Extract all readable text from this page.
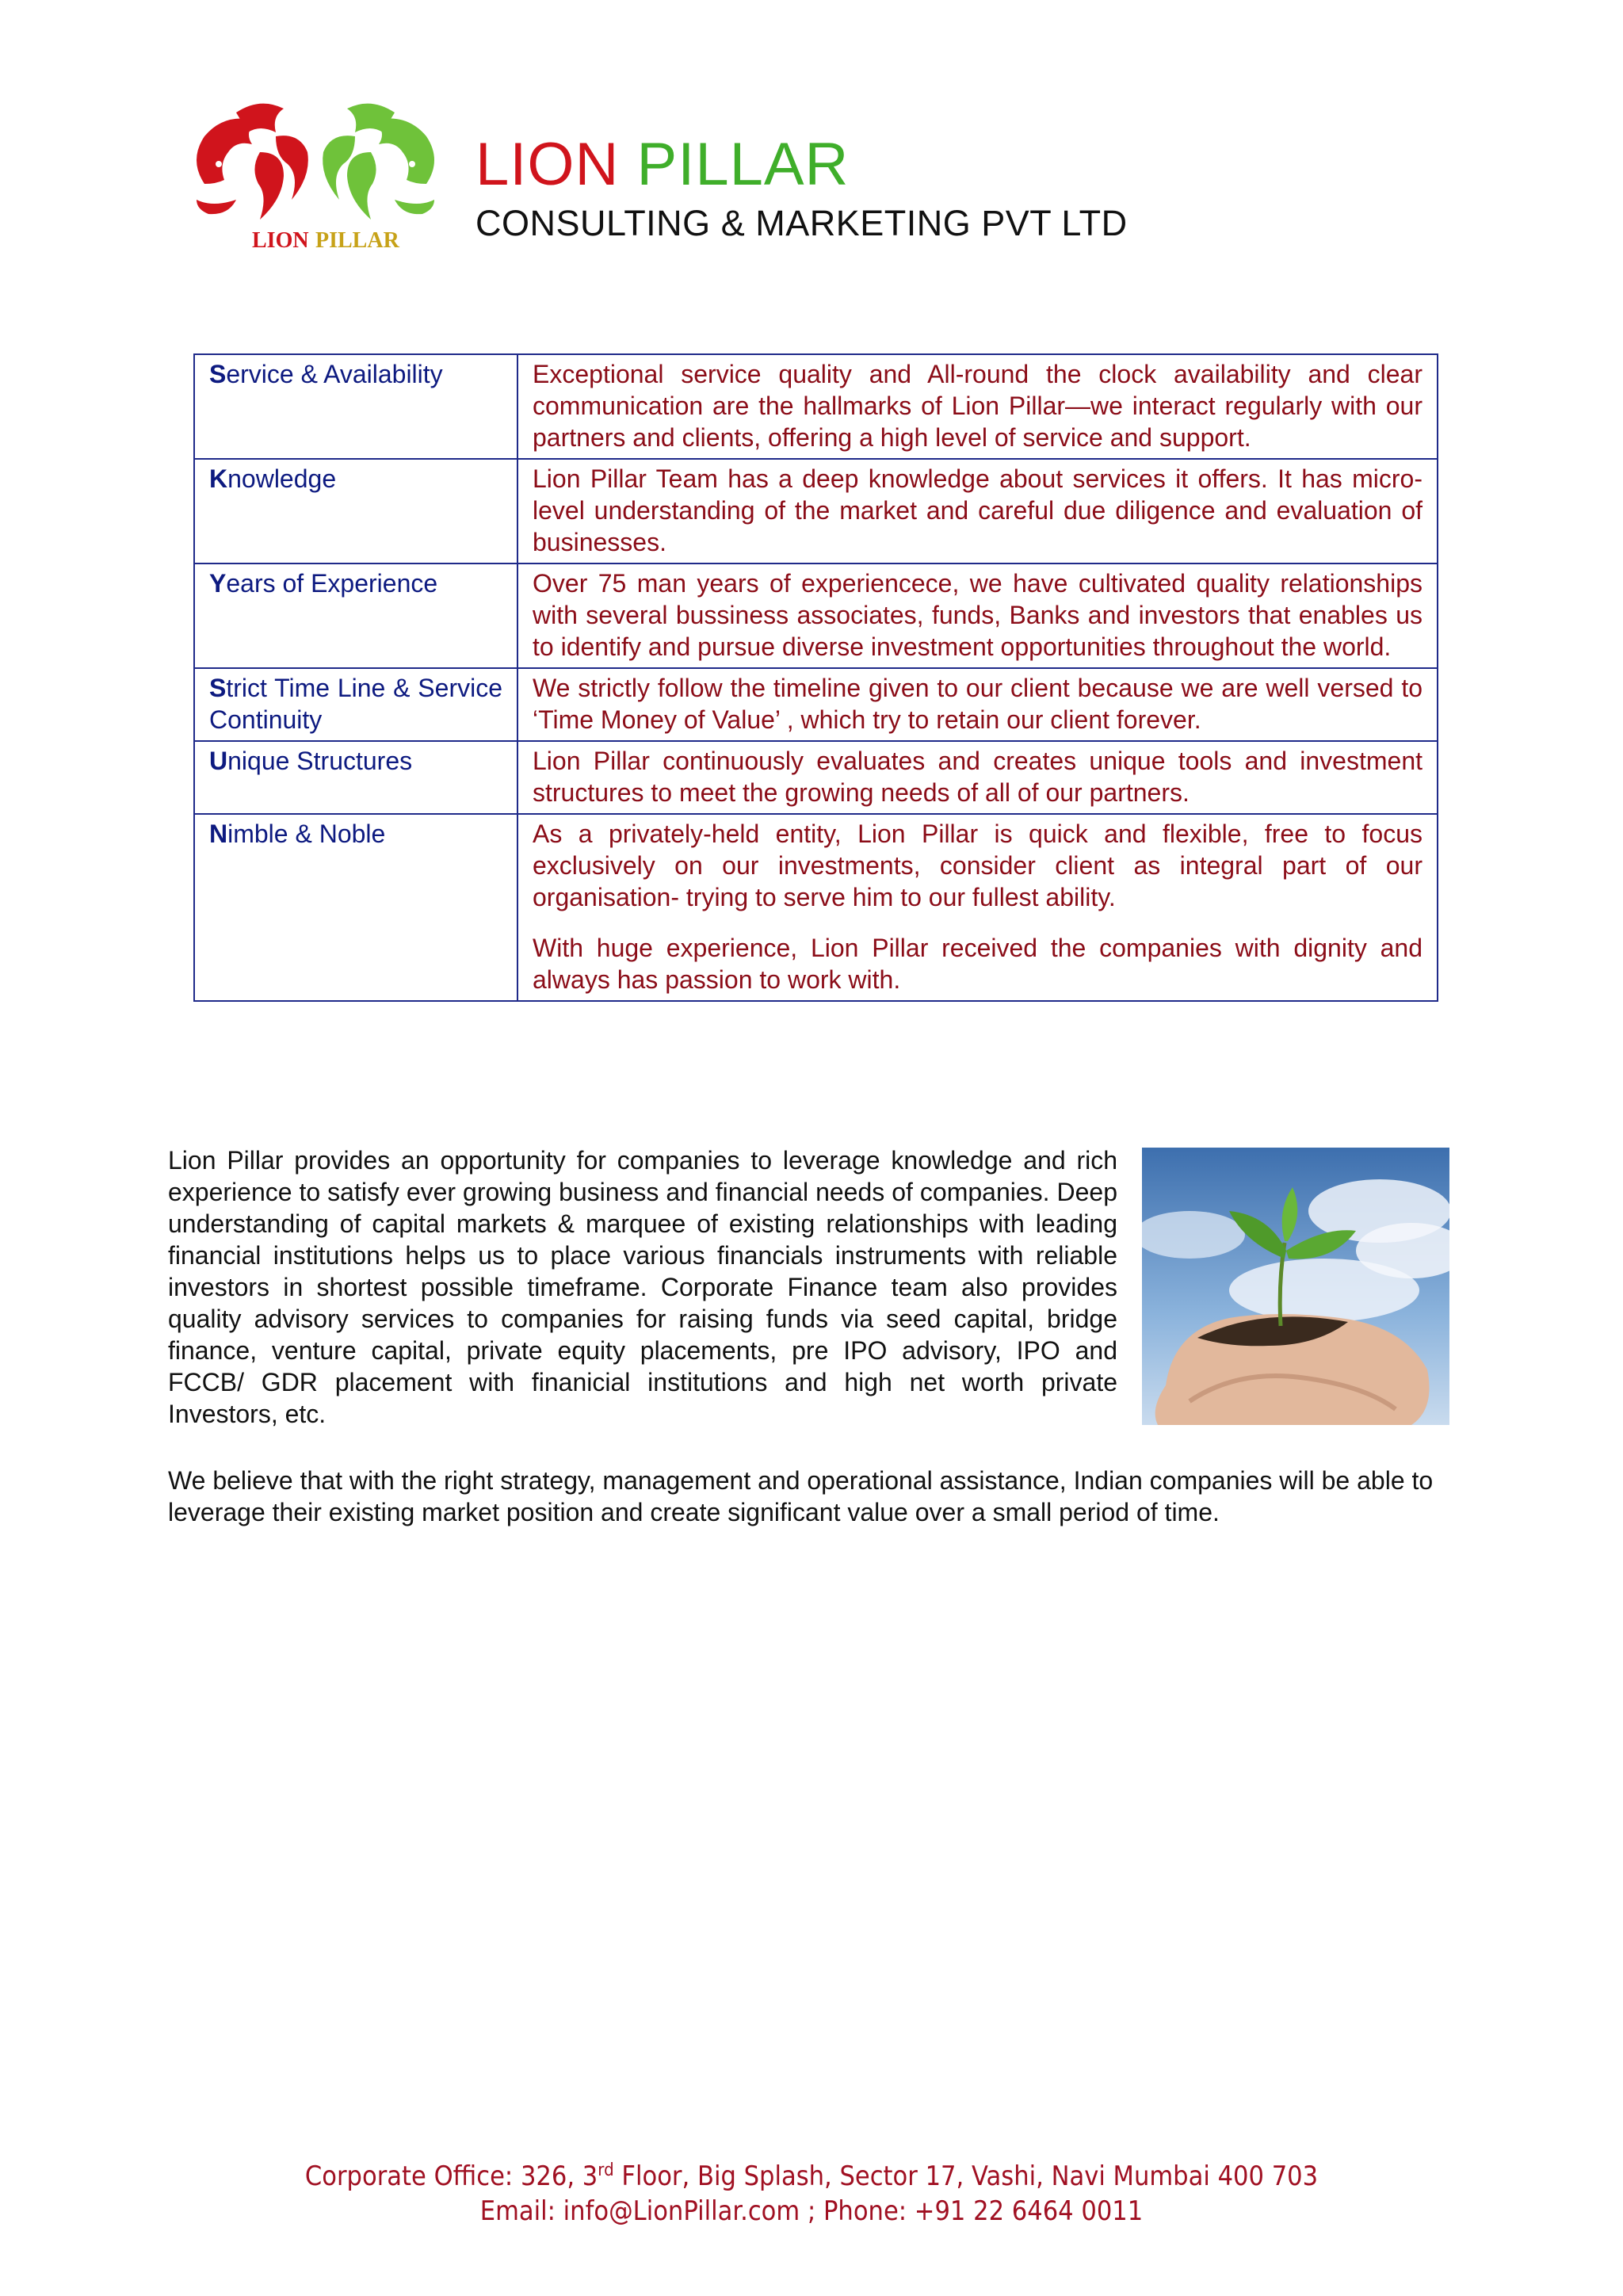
LION PILLAR
LION PILLAR
CONSULTING & MARKETING PVT LTD
Service & Availability	Exceptional service quality and All-round the clock availability and clear communication are the hallmarks of Lion Pillar—we interact regularly with our partners and clients, offering a high level of service and support.

Knowledge	Lion Pillar Team has a deep knowledge about services it offers. It has micro-level understanding of the market and careful due diligence and evaluation of businesses.

Years of Experience	Over 75 man years of experiencece, we have cultivated quality relationships with several bussiness associates, funds, Banks and investors that enables us to identify and pursue diverse investment opportunities throughout the world.

Strict Time Line & Service Continuity	We strictly follow the timeline given to our client because we are well versed to ‘Time Money of Value’ , which try to retain our client forever.

Unique Structures	Lion Pillar continuously evaluates and creates unique tools and investment structures to meet the growing needs of all of our partners.

Nimble & Noble	As a privately-held entity, Lion Pillar is quick and flexible, free to focus exclusively on our investments, consider client as integral part of our organisation- trying to serve him to our fullest ability.

With huge experience, Lion Pillar received the companies with dignity and always has passion to work with.

Lion Pillar provides an opportunity for companies to leverage knowledge and rich experience to satisfy ever growing business and financial needs of companies. Deep understanding of capital markets & marquee of existing relationships with leading financial institutions helps us to place various financials instruments with reliable investors in shortest possible timeframe. Corporate Finance team also provides quality advisory services to companies for raising funds via seed capital, bridge finance, venture capital, private equity placements, pre IPO advisory, IPO and FCCB/ GDR placement with finanicial institutions and high net worth private Investors, etc.

We believe that with the right strategy, management and operational assistance, Indian companies will be able to leverage their existing market position and create significant value over a small period of time.

Corporate Office: 326, 3rd Floor, Big Splash, Sector 17, Vashi, Navi Mumbai 400 703
Email: info@LionPillar.com ; Phone: +91 22 6464 0011
